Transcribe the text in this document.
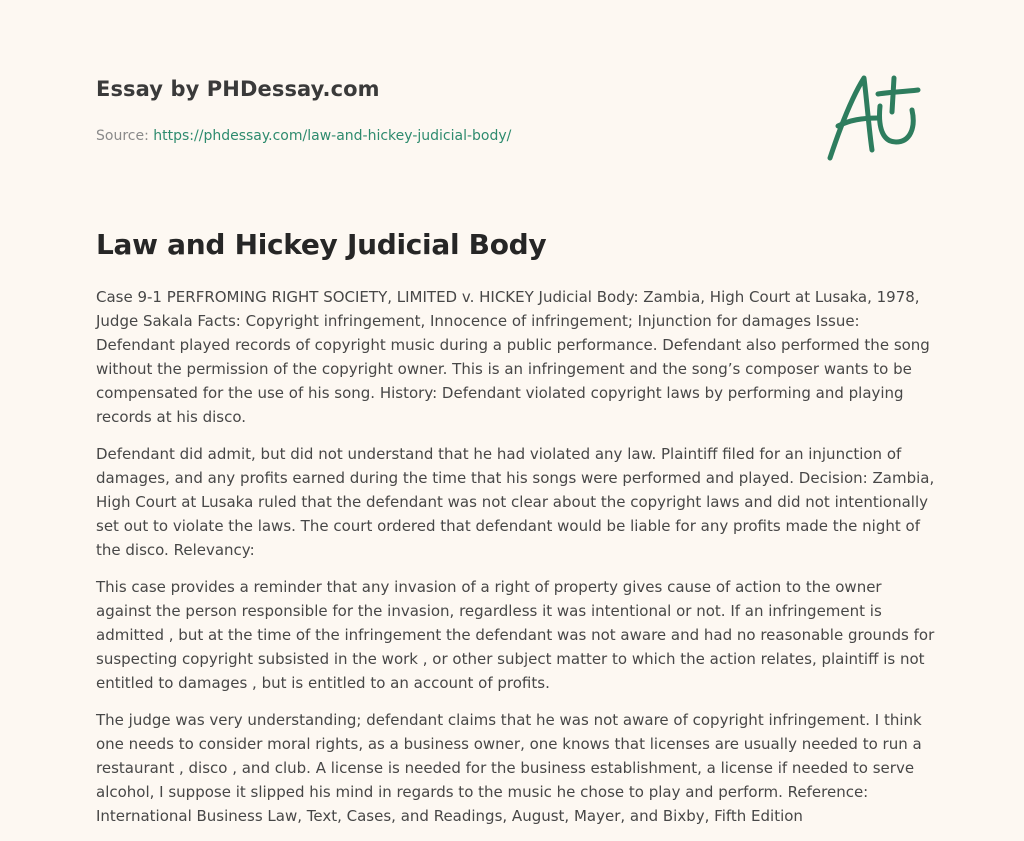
Essay by PHDessay.com
Source: https://phdessay.com/law-and-hickey-judicial-body/
Law and Hickey Judicial Body

Case 9-1 PERFROMING RIGHT SOCIETY, LIMITED v. HICKEY Judicial Body: Zambia, High Court at Lusaka, 1978, Judge Sakala Facts: Copyright infringement, Innocence of infringement; Injunction for damages Issue: Defendant played records of copyright music during a public performance. Defendant also performed the song without the permission of the copyright owner. This is an infringement and the song’s composer wants to be compensated for the use of his song. History: Defendant violated copyright laws by performing and playing records at his disco.

Defendant did admit, but did not understand that he had violated any law. Plaintiff filed for an injunction of damages, and any profits earned during the time that his songs were performed and played. Decision: Zambia, High Court at Lusaka ruled that the defendant was not clear about the copyright laws and did not intentionally set out to violate the laws. The court ordered that defendant would be liable for any profits made the night of the disco. Relevancy:

This case provides a reminder that any invasion of a right of property gives cause of action to the owner against the person responsible for the invasion, regardless it was intentional or not. If an infringement is admitted , but at the time of the infringement the defendant was not aware and had no reasonable grounds for suspecting copyright subsisted in the work , or other subject matter to which the action relates, plaintiff is not entitled to damages , but is entitled to an account of profits.

The judge was very understanding; defendant claims that he was not aware of copyright infringement. I think one needs to consider moral rights, as a business owner, one knows that licenses are usually needed to run a restaurant , disco , and club. A license is needed for the business establishment, a license if needed to serve alcohol, I suppose it slipped his mind in regards to the music he chose to play and perform. Reference: International Business Law, Text, Cases, and Readings, August, Mayer, and Bixby, Fifth Edition
